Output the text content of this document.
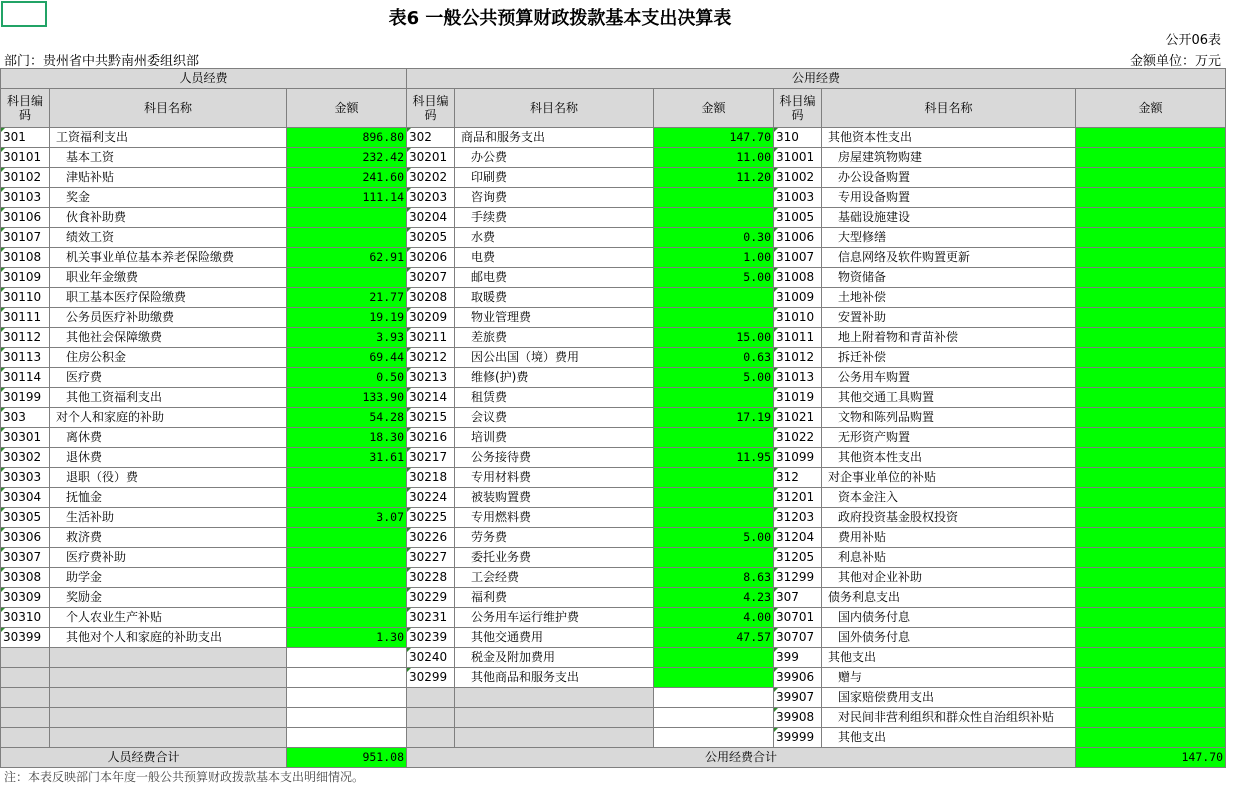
表6 一般公共预算财政拨款基本支出决算表
公开06表
部门：贵州省中共黔南州委组织部	金额单位：万元
人员经费			公用经费					
科目编码	科目名称	金额	科目编码	科目名称	金额	科目编码	科目名称	金额
301	工资福利支出	896.80	302	商品和服务支出	147.70	310	其他资本性支出	
30101	基本工资	232.42	30201	办公费	11.00	31001	房屋建筑物购建	
30102	津贴补贴	241.60	30202	印刷费	11.20	31002	办公设备购置	
30103	奖金	111.14	30203	咨询费		31003	专用设备购置	
30106	伙食补助费		30204	手续费		31005	基础设施建设	
30107	绩效工资		30205	水费	0.30	31006	大型修缮	
30108	机关事业单位基本养老保险缴费	62.91	30206	电费	1.00	31007	信息网络及软件购置更新	
30109	职业年金缴费		30207	邮电费	5.00	31008	物资储备	
30110	职工基本医疗保险缴费	21.77	30208	取暖费		31009	土地补偿	
30111	公务员医疗补助缴费	19.19	30209	物业管理费		31010	安置补助	
30112	其他社会保障缴费	3.93	30211	差旅费	15.00	31011	地上附着物和青苗补偿	
30113	住房公积金	69.44	30212	因公出国（境）费用	0.63	31012	拆迁补偿	
30114	医疗费	0.50	30213	维修(护)费	5.00	31013	公务用车购置	
30199	其他工资福利支出	133.90	30214	租赁费		31019	其他交通工具购置	
303	对个人和家庭的补助	54.28	30215	会议费	17.19	31021	文物和陈列品购置	
30301	离休费	18.30	30216	培训费		31022	无形资产购置	
30302	退休费	31.61	30217	公务接待费	11.95	31099	其他资本性支出	
30303	退职（役）费		30218	专用材料费		312	对企事业单位的补贴	
30304	抚恤金		30224	被装购置费		31201	资本金注入	
30305	生活补助	3.07	30225	专用燃料费		31203	政府投资基金股权投资	
30306	救济费		30226	劳务费	5.00	31204	费用补贴	
30307	医疗费补助		30227	委托业务费		31205	利息补贴	
30308	助学金		30228	工会经费	8.63	31299	其他对企业补助	
30309	奖励金		30229	福利费	4.23	307	债务利息支出	
30310	个人农业生产补贴		30231	公务用车运行维护费	4.00	30701	国内债务付息	
30399	其他对个人和家庭的补助支出	1.30	30239	其他交通费用	47.57	30707	国外债务付息	
			30240	税金及附加费用		399	其他支出	
			30299	其他商品和服务支出		39906	赠与	
						39907	国家赔偿费用支出	
						39908	对民间非营利组织和群众性自治组织补贴	
						39999	其他支出	
人员经费合计		951.08	公用经费合计					147.70
注：本表反映部门本年度一般公共预算财政拨款基本支出明细情况。
